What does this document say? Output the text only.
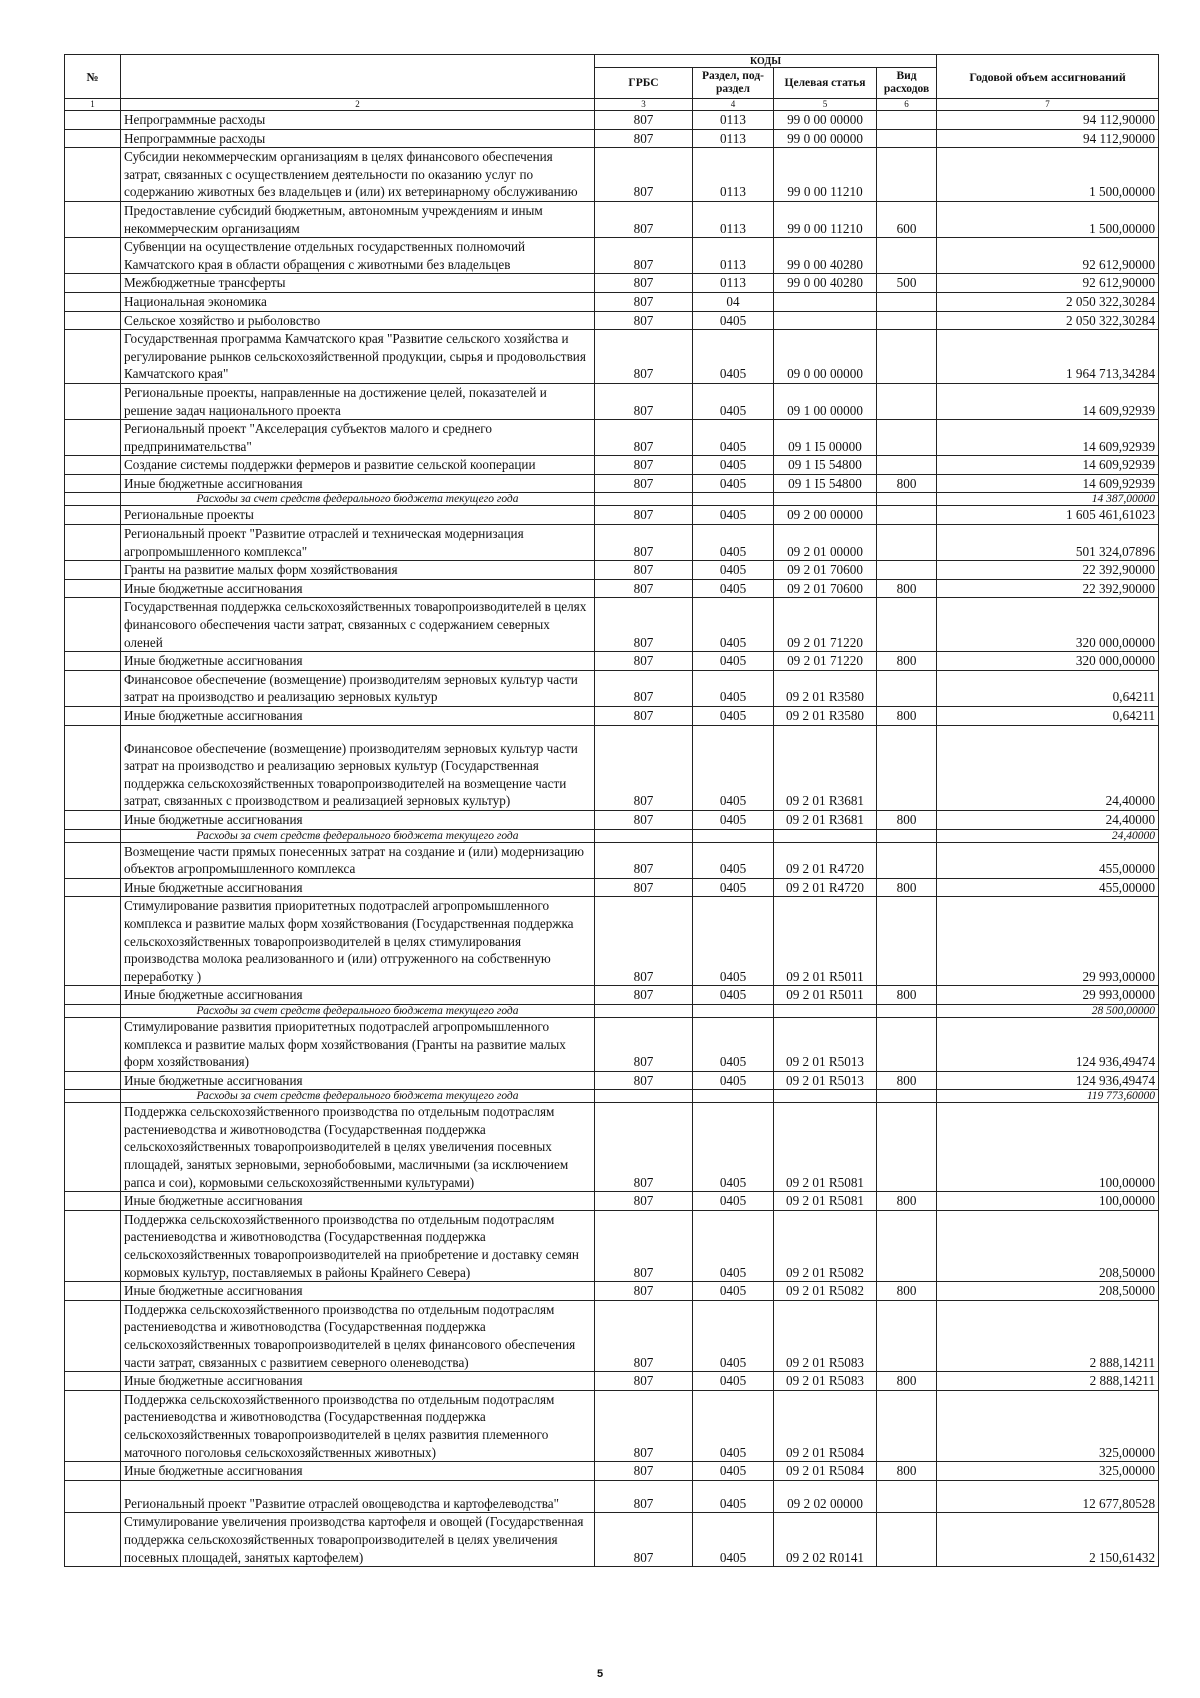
№		КОДЫ				Годовой объем ассигнований
		ГРБС	Раздел, под-раздел	Целевая статья	Вид расходов	
1	2	3	4	5	6	7
	Непрограммные расходы	807	0113	99 0 00 00000		94 112,90000
	Непрограммные расходы	807	0113	99 0 00 00000		94 112,90000
	Субсидии некоммерческим организациям в целях финансового обеспечения затрат, связанных с осуществлением деятельности по оказанию услуг по содержанию животных без владельцев и (или) их ветеринарному обслуживанию	807	0113	99 0 00 11210		1 500,00000
	Предоставление субсидий бюджетным, автономным учреждениям и иным некоммерческим организациям	807	0113	99 0 00 11210	600	1 500,00000
	Субвенции на осуществление отдельных государственных полномочий Камчатского края в области обращения с животными без владельцев	807	0113	99 0 00 40280		92 612,90000
	Межбюджетные трансферты	807	0113	99 0 00 40280	500	92 612,90000
	Национальная экономика	807	04			2 050 322,30284
	Сельское хозяйство и рыболовство	807	0405			2 050 322,30284
	Государственная программа Камчатского края "Развитие сельского хозяйства и регулирование рынков сельскохозяйственной продукции, сырья и продовольствия Камчатского края"	807	0405	09 0 00 00000		1 964 713,34284
	Региональные проекты, направленные на достижение целей, показателей и решение задач национального проекта	807	0405	09 1 00 00000		14 609,92939
	Региональный проект "Акселерация субъектов малого и среднего предпринимательства"	807	0405	09 1 I5 00000		14 609,92939
	Создание системы поддержки фермеров и развитие сельской кооперации	807	0405	09 1 I5 54800		14 609,92939
	Иные бюджетные ассигнования	807	0405	09 1 I5 54800	800	14 609,92939
	Расходы за счет средств федерального бюджета текущего года					14 387,00000
	Региональные проекты	807	0405	09 2 00 00000		1 605 461,61023
	Региональный проект "Развитие отраслей и техническая модернизация агропромышленного комплекса"	807	0405	09 2 01 00000		501 324,07896
	Гранты на развитие малых форм хозяйствования	807	0405	09 2 01 70600		22 392,90000
	Иные бюджетные ассигнования	807	0405	09 2 01 70600	800	22 392,90000
	Государственная поддержка сельскохозяйственных товаропроизводителей в целях финансового обеспечения части затрат, связанных с содержанием северных оленей	807	0405	09 2 01 71220		320 000,00000
	Иные бюджетные ассигнования	807	0405	09 2 01 71220	800	320 000,00000
	Финансовое обеспечение (возмещение) производителям зерновых культур части затрат на производство и реализацию зерновых культур	807	0405	09 2 01 R3580		0,64211
	Иные бюджетные ассигнования	807	0405	09 2 01 R3580	800	0,64211
	Финансовое обеспечение (возмещение) производителям зерновых культур части затрат на производство и реализацию зерновых культур (Государственная поддержка сельскохозяйственных товаропроизводителей на возмещение части затрат, связанных с производством и реализацией зерновых культур)	807	0405	09 2 01 R3681		24,40000
	Иные бюджетные ассигнования	807	0405	09 2 01 R3681	800	24,40000
	Расходы за счет средств федерального бюджета текущего года					24,40000
	Возмещение части прямых понесенных затрат на создание и (или) модернизацию объектов агропромышленного комплекса	807	0405	09 2 01 R4720		455,00000
	Иные бюджетные ассигнования	807	0405	09 2 01 R4720	800	455,00000
	Стимулирование развития приоритетных подотраслей агропромышленного комплекса и развитие малых форм хозяйствования (Государственная поддержка сельскохозяйственных товаропроизводителей в целях стимулирования производства молока реализованного и (или) отгруженного на собственную переработку )	807	0405	09 2 01 R5011		29 993,00000
	Иные бюджетные ассигнования	807	0405	09 2 01 R5011	800	29 993,00000
	Расходы за счет средств федерального бюджета текущего года					28 500,00000
	Стимулирование развития приоритетных подотраслей агропромышленного комплекса и развитие малых форм хозяйствования (Гранты на развитие малых форм хозяйствования)	807	0405	09 2 01 R5013		124 936,49474
	Иные бюджетные ассигнования	807	0405	09 2 01 R5013	800	124 936,49474
	Расходы за счет средств федерального бюджета текущего года					119 773,60000
	Поддержка сельскохозяйственного производства по отдельным подотраслям растениеводства и животноводства (Государственная поддержка сельскохозяйственных товаропроизводителей в целях увеличения посевных площадей, занятых зерновыми, зернобобовыми, масличными (за исключением рапса и сои), кормовыми сельскохозяйственными культурами)	807	0405	09 2 01 R5081		100,00000
	Иные бюджетные ассигнования	807	0405	09 2 01 R5081	800	100,00000
	Поддержка сельскохозяйственного производства по отдельным подотраслям растениеводства и животноводства (Государственная поддержка сельскохозяйственных товаропроизводителей на приобретение и доставку семян кормовых культур, поставляемых в районы Крайнего Севера)	807	0405	09 2 01 R5082		208,50000
	Иные бюджетные ассигнования	807	0405	09 2 01 R5082	800	208,50000
	Поддержка сельскохозяйственного производства по отдельным подотраслям растениеводства и животноводства (Государственная поддержка сельскохозяйственных товаропроизводителей в целях финансового обеспечения части затрат, связанных с развитием северного оленеводства)	807	0405	09 2 01 R5083		2 888,14211
	Иные бюджетные ассигнования	807	0405	09 2 01 R5083	800	2 888,14211
	Поддержка сельскохозяйственного производства по отдельным подотраслям растениеводства и животноводства (Государственная поддержка сельскохозяйственных товаропроизводителей в целях развития племенного маточного поголовья сельскохозяйственных животных)	807	0405	09 2 01 R5084		325,00000
	Иные бюджетные ассигнования	807	0405	09 2 01 R5084	800	325,00000
	Региональный проект "Развитие отраслей овощеводства и картофелеводства"	807	0405	09 2 02 00000		12 677,80528
	Стимулирование увеличения производства картофеля и овощей (Государственная поддержка сельскохозяйственных товаропроизводителей в целях увеличения посевных площадей, занятых картофелем)	807	0405	09 2 02 R0141		2 150,61432
5
